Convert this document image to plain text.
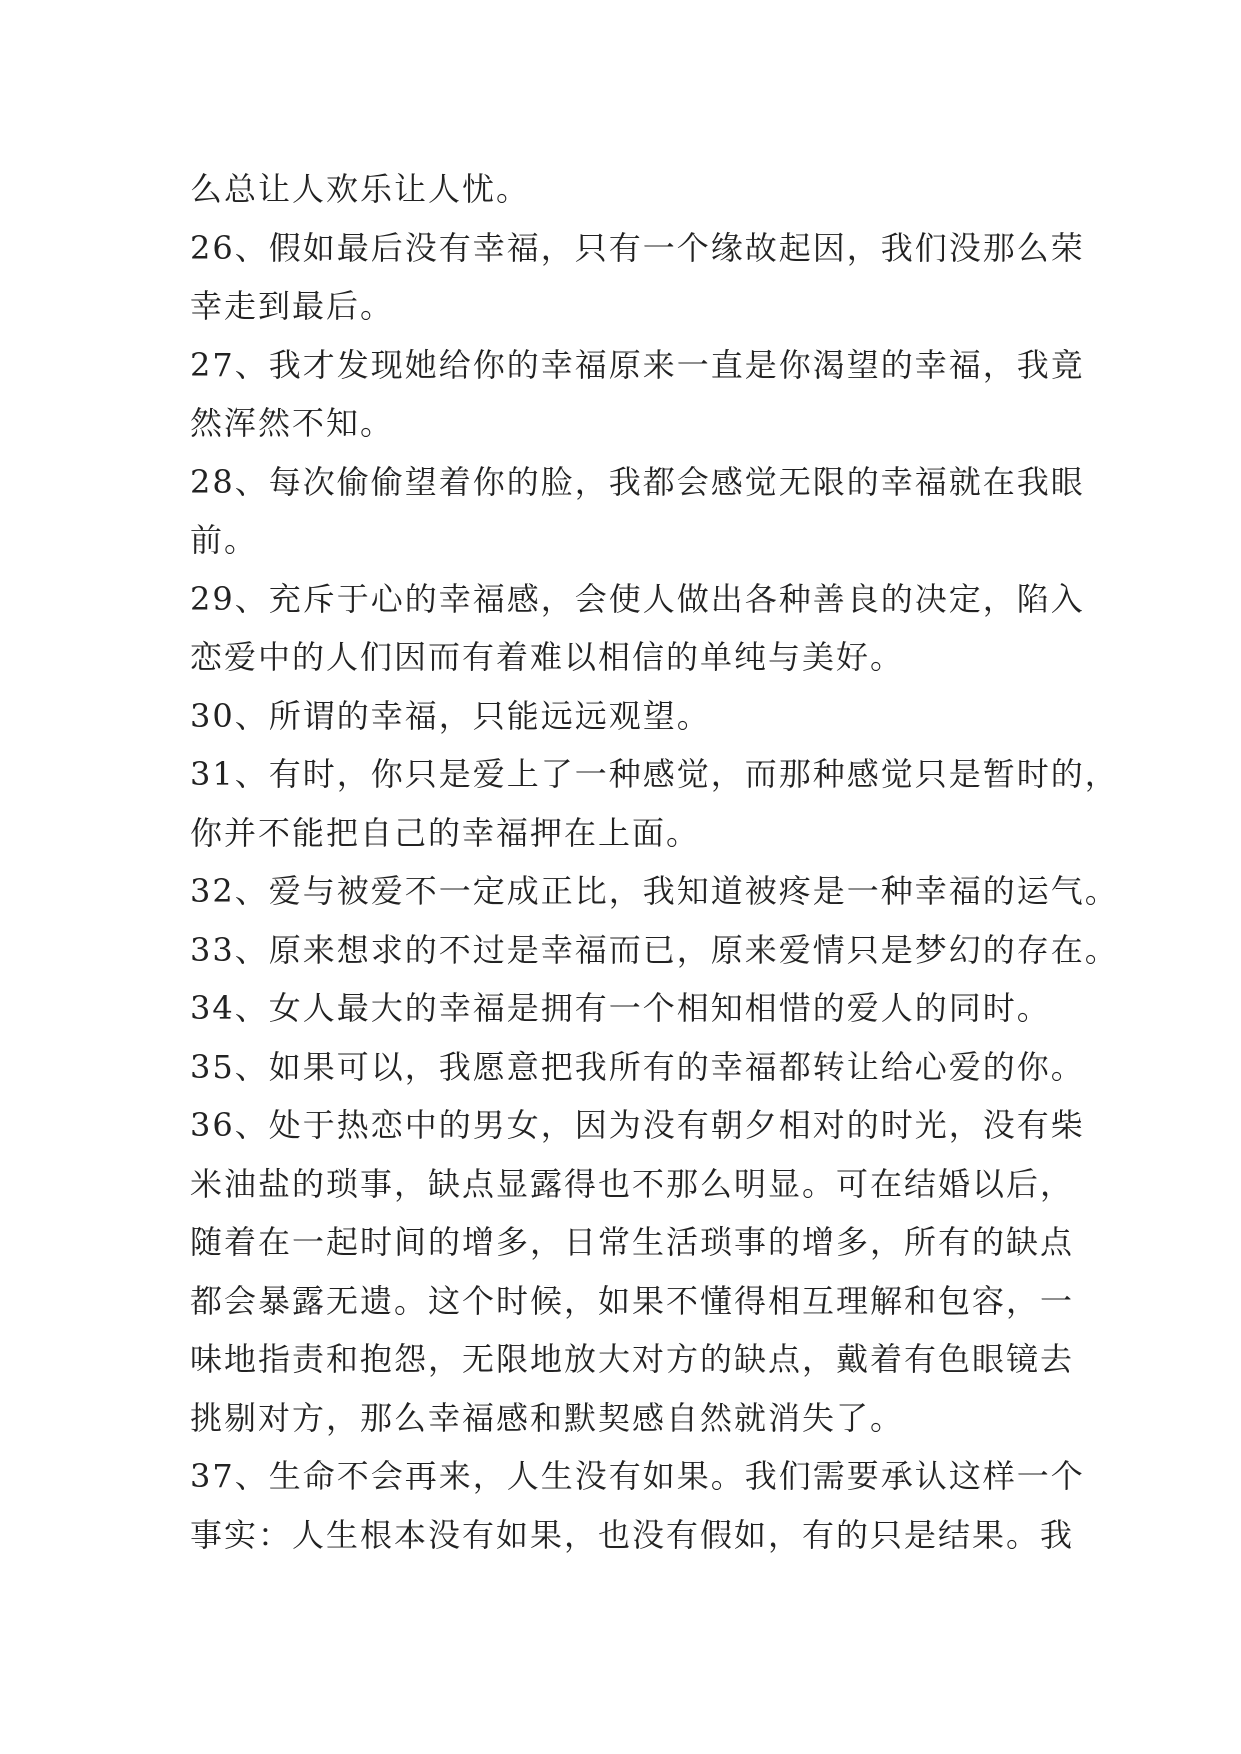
么总让人欢乐让人忧。
26、假如最后没有幸福，只有一个缘故起因，我们没那么荣
幸走到最后。
27、我才发现她给你的幸福原来一直是你渴望的幸福，我竟
然浑然不知。
28、每次偷偷望着你的脸，我都会感觉无限的幸福就在我眼
前。
29、充斥于心的幸福感，会使人做出各种善良的决定，陷入
恋爱中的人们因而有着难以相信的单纯与美好。
30、所谓的幸福，只能远远观望。
31、有时，你只是爱上了一种感觉，而那种感觉只是暂时的，
你并不能把自己的幸福押在上面。
32、爱与被爱不一定成正比，我知道被疼是一种幸福的运气。
33、原来想求的不过是幸福而已，原来爱情只是梦幻的存在。
34、女人最大的幸福是拥有一个相知相惜的爱人的同时。
35、如果可以，我愿意把我所有的幸福都转让给心爱的你。
36、处于热恋中的男女，因为没有朝夕相对的时光，没有柴
米油盐的琐事，缺点显露得也不那么明显。可在结婚以后，
随着在一起时间的增多，日常生活琐事的增多，所有的缺点
都会暴露无遗。这个时候，如果不懂得相互理解和包容，一
味地指责和抱怨，无限地放大对方的缺点，戴着有色眼镜去
挑剔对方，那么幸福感和默契感自然就消失了。
37、生命不会再来，人生没有如果。我们需要承认这样一个
事实：人生根本没有如果，也没有假如，有的只是结果。我
